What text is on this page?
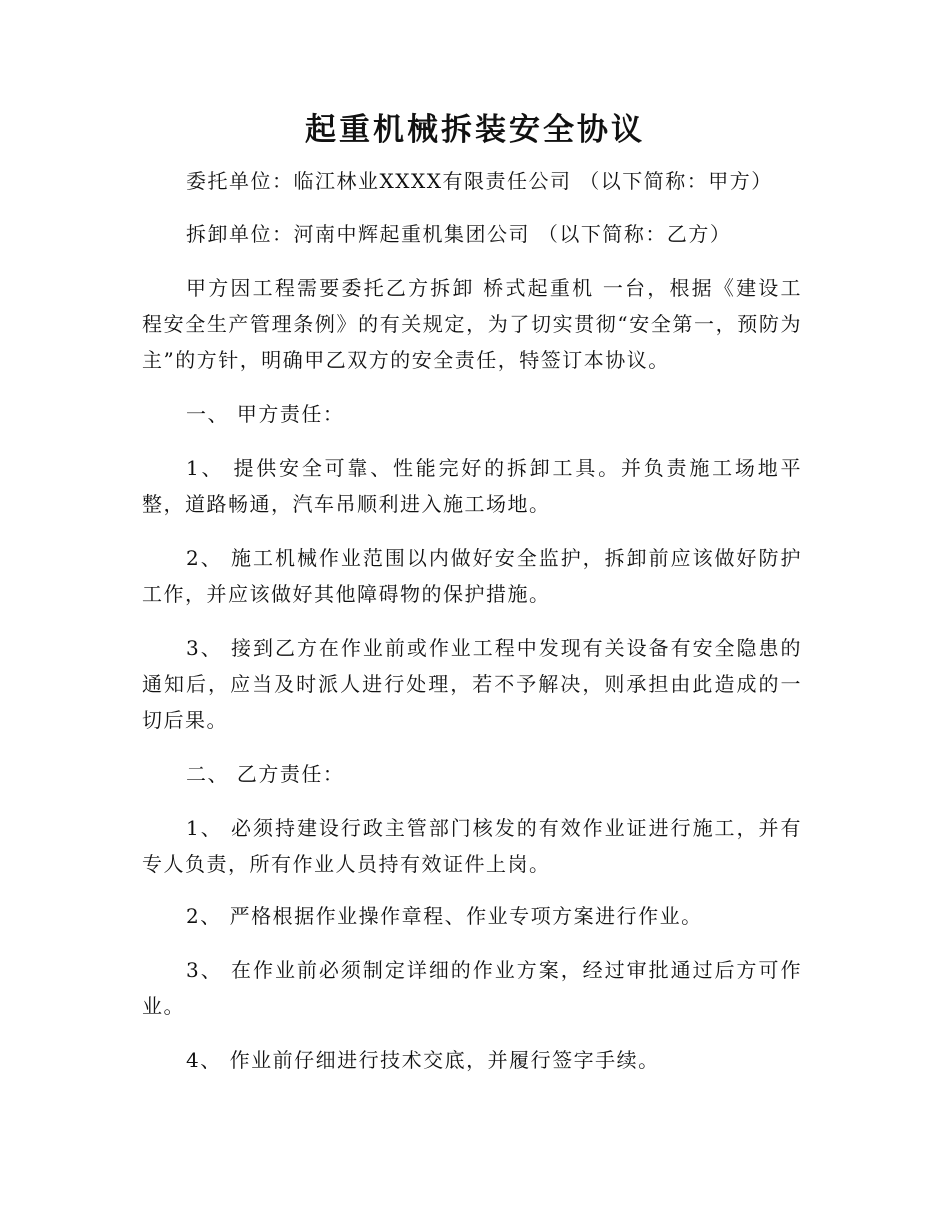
起重机械拆装安全协议
委托单位：临江林业XXXX有限责任公司 （以下简称：甲方）
拆卸单位：河南中辉起重机集团公司 （以下简称：乙方）
甲方因工程需要委托乙方拆卸 桥式起重机 一台，根据《建设工程安全生产管理条例》的有关规定，为了切实贯彻“安全第一，预防为主”的方针，明确甲乙双方的安全责任，特签订本协议。
一、 甲方责任：
1、 提供安全可靠、性能完好的拆卸工具。并负责施工场地平整，道路畅通，汽车吊顺利进入施工场地。
2、 施工机械作业范围以内做好安全监护，拆卸前应该做好防护工作，并应该做好其他障碍物的保护措施。
3、 接到乙方在作业前或作业工程中发现有关设备有安全隐患的通知后，应当及时派人进行处理，若不予解决，则承担由此造成的一切后果。
二、 乙方责任：
1、 必须持建设行政主管部门核发的有效作业证进行施工，并有专人负责，所有作业人员持有效证件上岗。
2、 严格根据作业操作章程、作业专项方案进行作业。
3、 在作业前必须制定详细的作业方案，经过审批通过后方可作业。
4、 作业前仔细进行技术交底，并履行签字手续。
